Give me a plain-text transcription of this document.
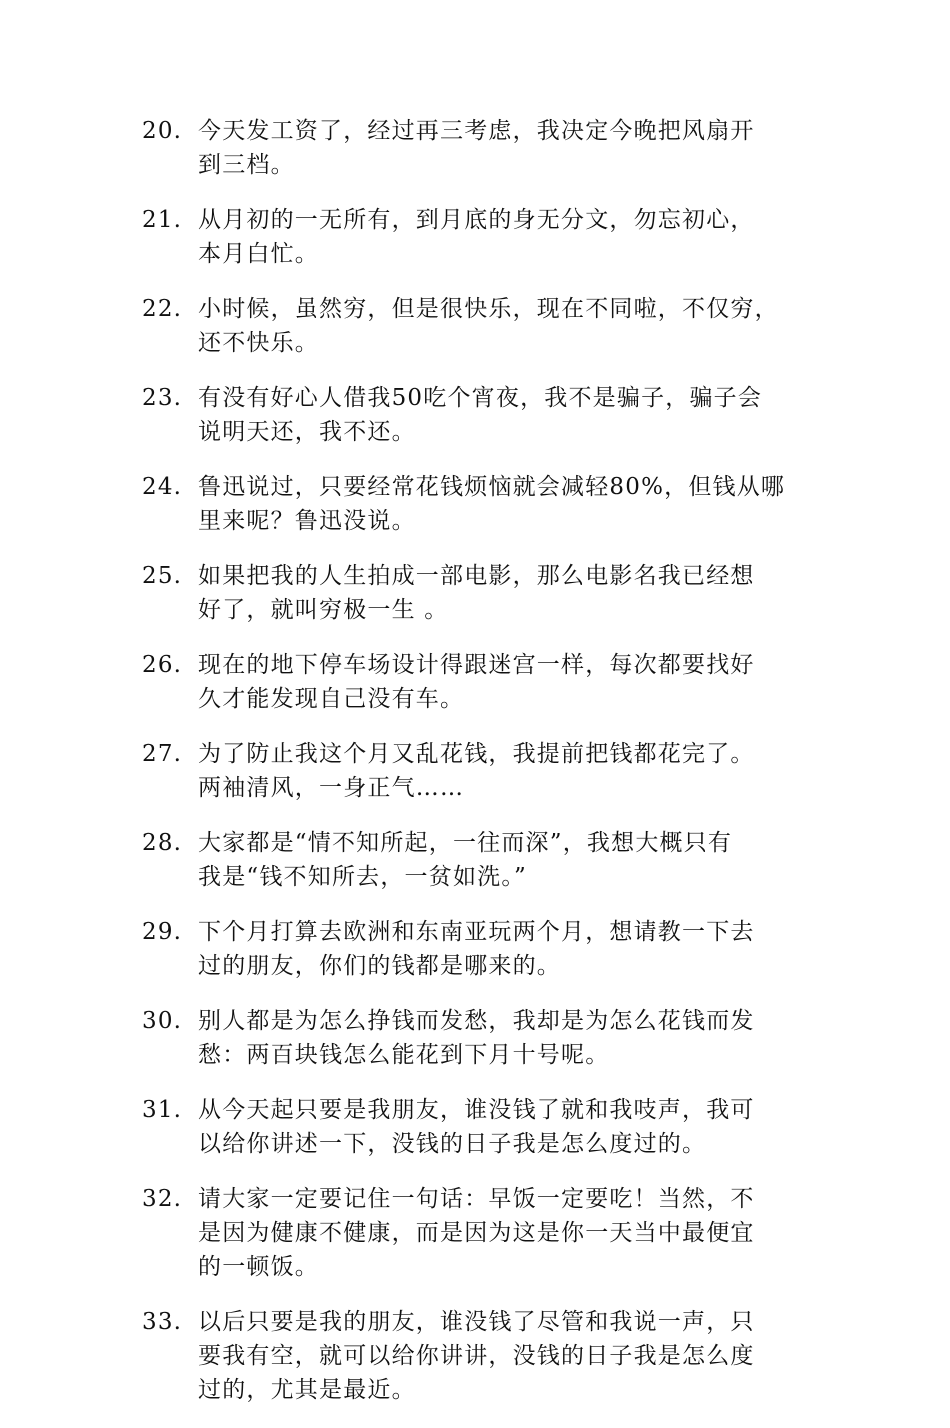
20. 今天发工资了，经过再三考虑，我决定今晚把风扇开
到三档。
21. 从月初的一无所有，到月底的身无分文，勿忘初心，
本月白忙。
22. 小时候，虽然穷，但是很快乐，现在不同啦，不仅穷，
还不快乐。
23. 有没有好心人借我50吃个宵夜，我不是骗子，骗子会
说明天还，我不还。
24. 鲁迅说过，只要经常花钱烦恼就会减轻80%，但钱从哪
里来呢？鲁迅没说。
25. 如果把我的人生拍成一部电影，那么电影名我已经想
好了，就叫穷极一生 。
26. 现在的地下停车场设计得跟迷宫一样，每次都要找好
久才能发现自己没有车。
27. 为了防止我这个月又乱花钱，我提前把钱都花完了。
两袖清风，一身正气……
28. 大家都是“情不知所起，一往而深”，我想大概只有
我是“钱不知所去，一贫如洗。”
29. 下个月打算去欧洲和东南亚玩两个月，想请教一下去
过的朋友，你们的钱都是哪来的。
30. 别人都是为怎么挣钱而发愁，我却是为怎么花钱而发
愁：两百块钱怎么能花到下月十号呢。
31. 从今天起只要是我朋友，谁没钱了就和我吱声，我可
以给你讲述一下，没钱的日子我是怎么度过的。
32. 请大家一定要记住一句话：早饭一定要吃！当然，不
是因为健康不健康，而是因为这是你一天当中最便宜
的一顿饭。
33. 以后只要是我的朋友，谁没钱了尽管和我说一声，只
要我有空，就可以给你讲讲，没钱的日子我是怎么度
过的，尤其是最近。
